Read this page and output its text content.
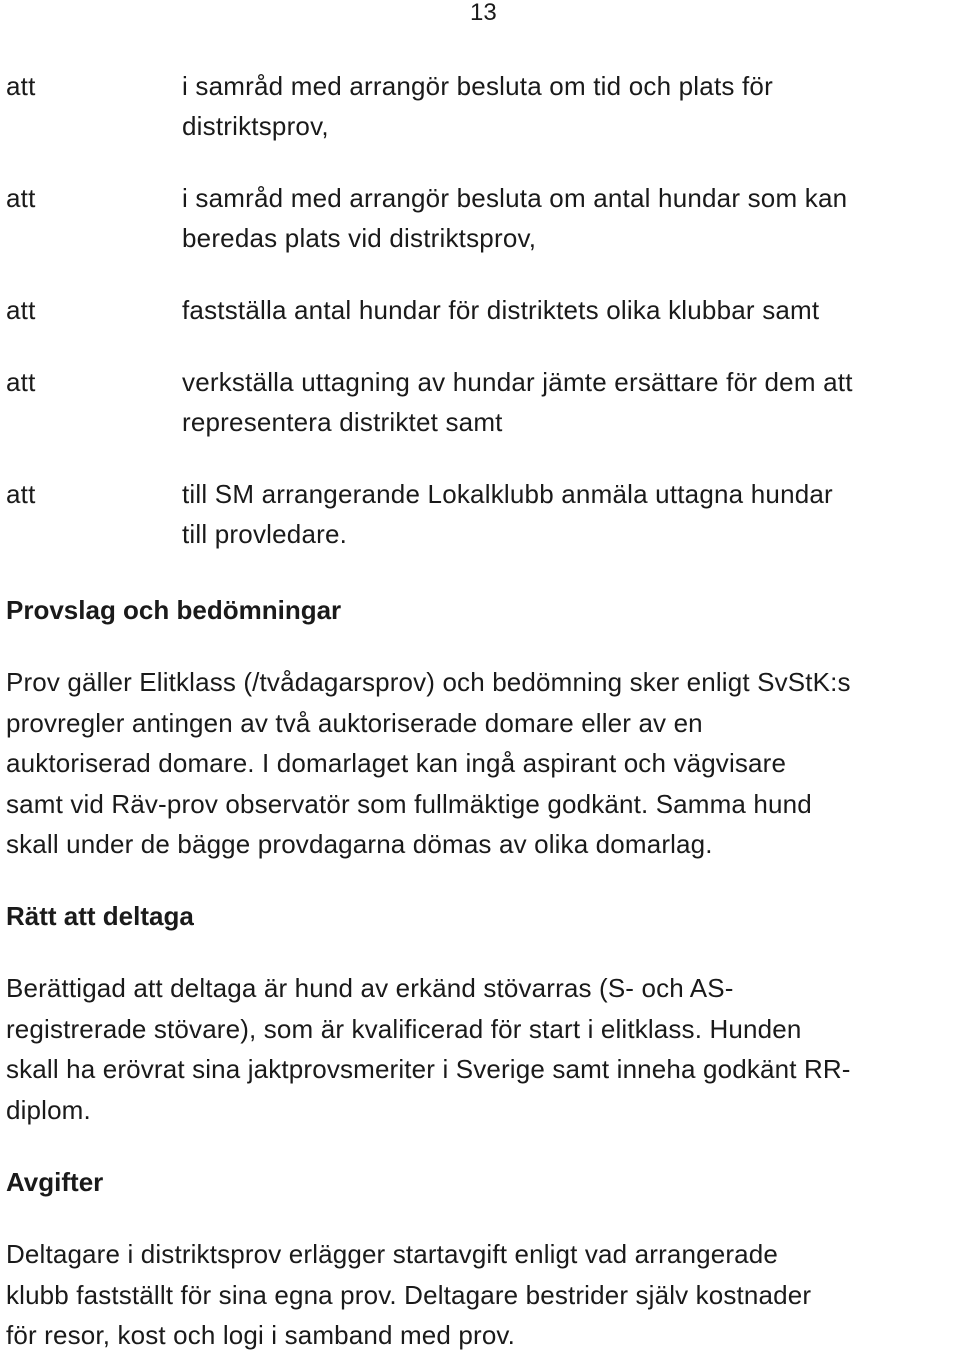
13
att	i samråd med arrangör besluta om tid och plats för
distriktsprov,
att	i samråd med arrangör besluta om antal hundar som kan
beredas plats vid distriktsprov,
att	fastställa antal hundar för distriktets olika klubbar samt
att	verkställa uttagning av hundar jämte ersättare för dem att
representera distriktet samt
att	till SM arrangerande Lokalklubb anmäla uttagna hundar
till provledare.
Provslag och bedömningar
Prov gäller Elitklass (/tvådagarsprov) och bedömning sker enligt SvStK:s
provregler antingen av två auktoriserade domare eller av en
auktoriserad domare. I domarlaget kan ingå aspirant och vägvisare
samt vid Räv-prov observatör som fullmäktige godkänt. Samma hund
skall under de bägge provdagarna dömas av olika domarlag.
Rätt att deltaga
Berättigad att deltaga är hund av erkänd stövarras (S- och AS-
registrerade stövare), som är kvalificerad för start i elitklass. Hunden
skall ha erövrat sina jaktprovsmeriter i Sverige samt inneha godkänt RR-
diplom.
Avgifter
Deltagare i distriktsprov erlägger startavgift enligt vad arrangerade
klubb fastställt för sina egna prov. Deltagare bestrider själv kostnader
för resor, kost och logi i samband med prov.
